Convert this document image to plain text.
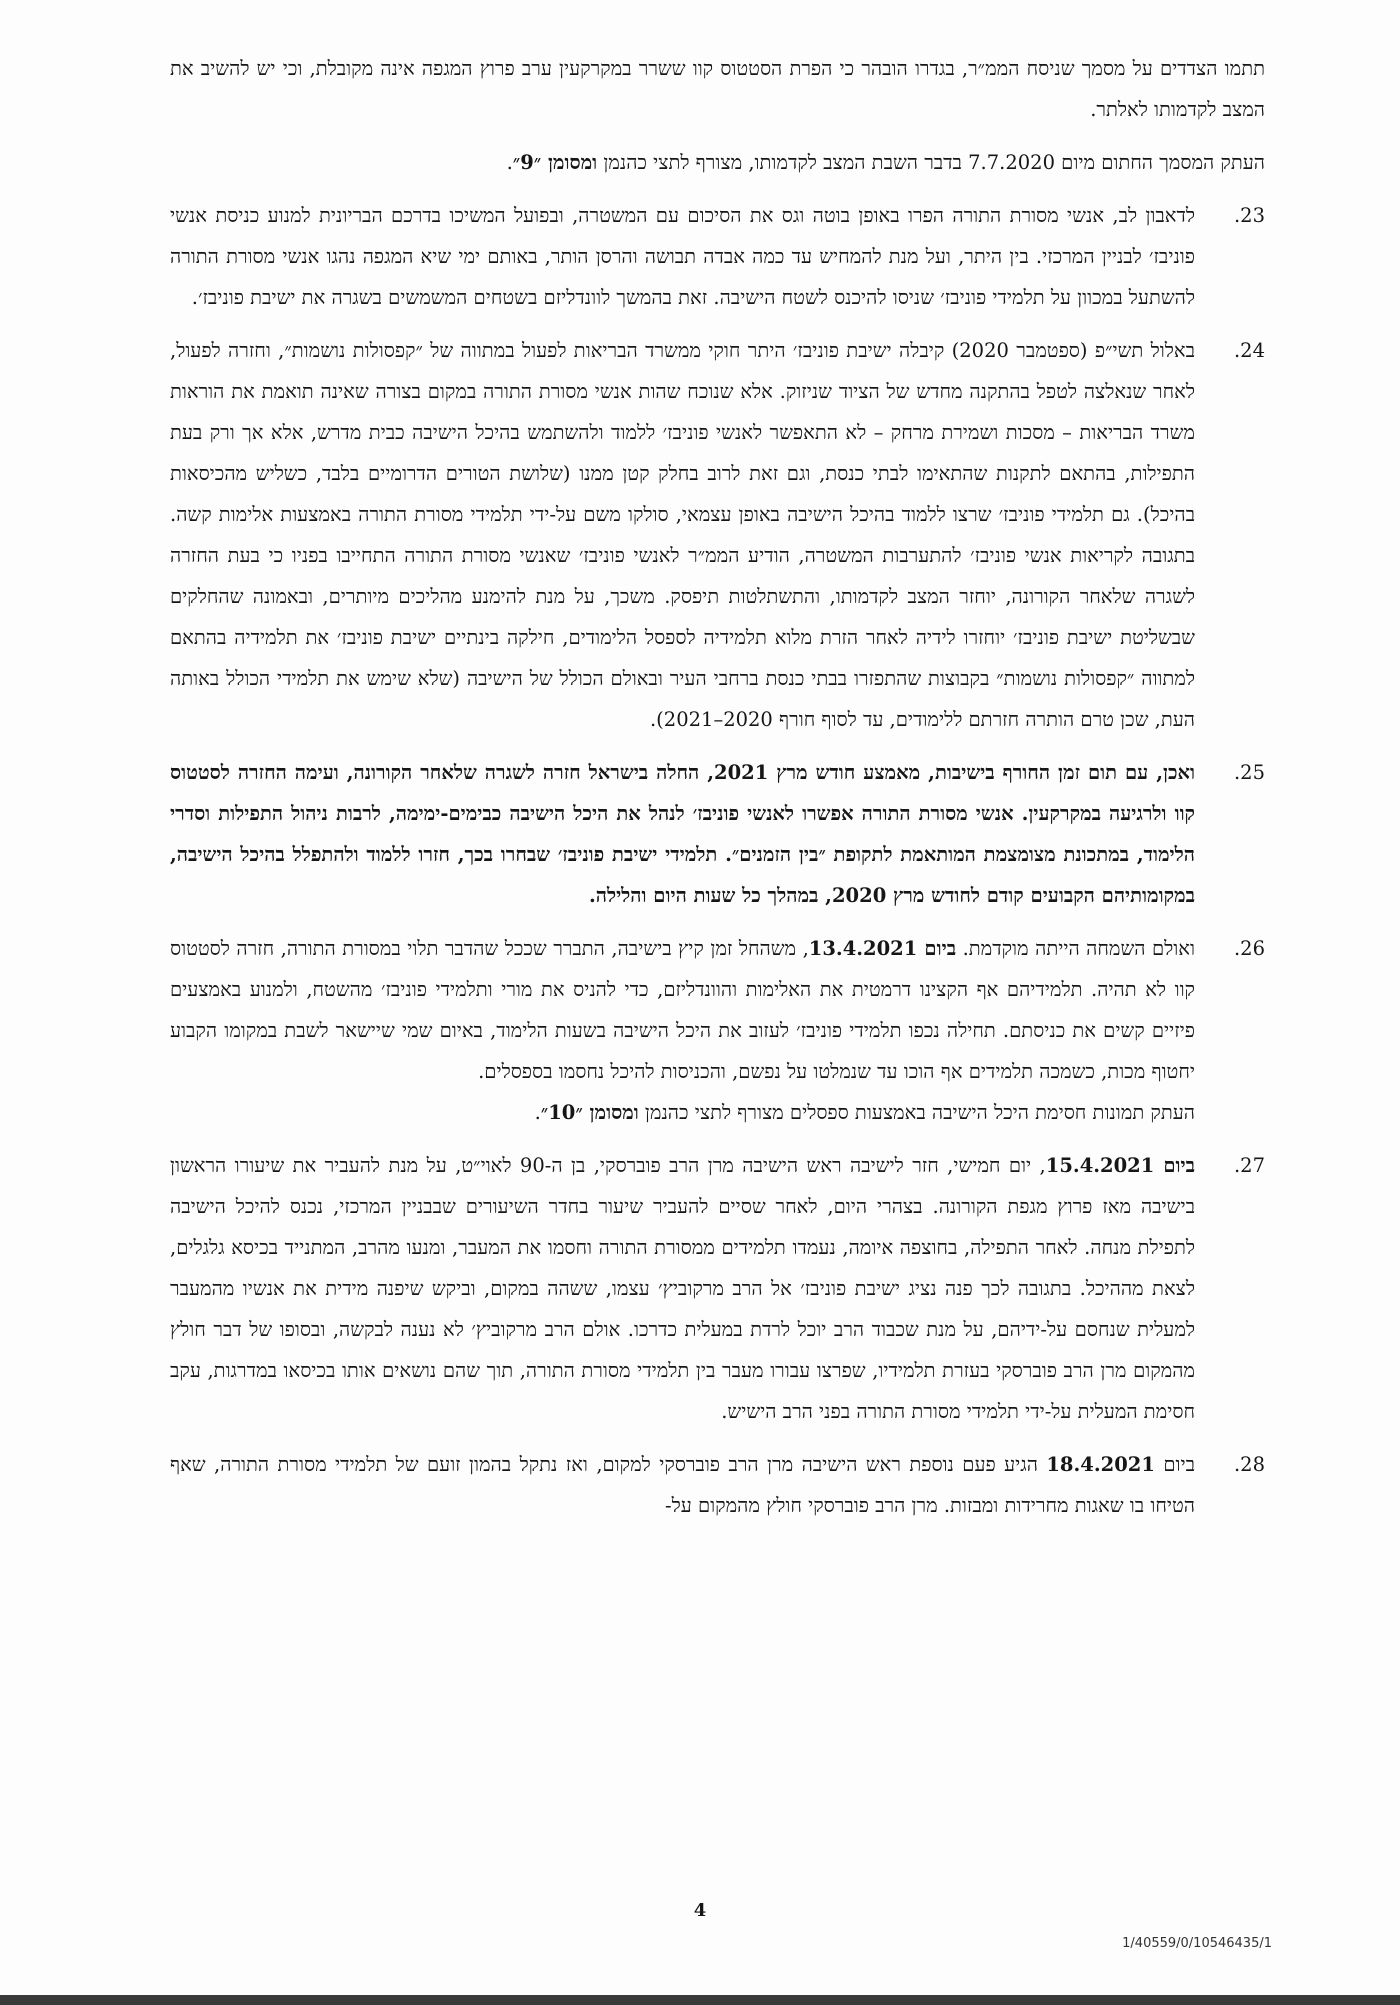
תתמו הצדדים על מסמך שניסח הממ״ר, בגדרו הובהר כי הפרת הסטטוס קוו ששרר במקרקעין ערב פרוץ המגפה אינה מקובלת, וכי יש להשיב את המצב לקדמותו לאלתר.

העתק המסמך החתום מיום 7.7.2020 בדבר השבת המצב לקדמותו, מצורף לתצי כהנמן ומסומן ״9״.

23.
לדאבון לב, אנשי מסורת התורה הפרו באופן בוטה וגס את הסיכום עם המשטרה, ובפועל המשיכו בדרכם הבריונית למנוע כניסת אנשי פוניבז׳ לבניין המרכזי. בין היתר, ועל מנת להמחיש עד כמה אבדה תבושה והרסן הותר, באותם ימי שיא המגפה נהגו אנשי מסורת התורה להשתעל במכוון על תלמידי פוניבז׳ שניסו להיכנס לשטח הישיבה. זאת בהמשך לוונדליזם בשטחים המשמשים בשגרה את ישיבת פוניבז׳.

24.
באלול תשי״פ (ספטמבר 2020) קיבלה ישיבת פוניבז׳ היתר חוקי ממשרד הבריאות לפעול במתווה של ״קפסולות נושמות״, וחזרה לפעול, לאחר שנאלצה לטפל בהתקנה מחדש של הציוד שניזוק. אלא שנוכח שהות אנשי מסורת התורה במקום בצורה שאינה תואמת את הוראות משרד הבריאות – מסכות ושמירת מרחק – לא התאפשר לאנשי פוניבז׳ ללמוד ולהשתמש בהיכל הישיבה כבית מדרש, אלא אך ורק בעת התפילות, בהתאם לתקנות שהתאימו לבתי כנסת, וגם זאת לרוב בחלק קטן ממנו (שלושת הטורים הדרומיים בלבד, כשליש מהכיסאות בהיכל). גם תלמידי פוניבז׳ שרצו ללמוד בהיכל הישיבה באופן עצמאי, סולקו משם על-ידי תלמידי מסורת התורה באמצעות אלימות קשה. בתגובה לקריאות אנשי פוניבז׳ להתערבות המשטרה, הודיע הממ״ר לאנשי פוניבז׳ שאנשי מסורת התורה התחייבו בפניו כי בעת החזרה לשגרה שלאחר הקורונה, יוחזר המצב לקדמותו, והתשתלטות תיפסק. משכך, על מנת להימנע מהליכים מיותרים, ובאמונה שהחלקים שבשליטת ישיבת פוניבז׳ יוחזרו לידיה לאחר הזרת מלוא תלמידיה לספסל הלימודים, חילקה בינתיים ישיבת פוניבז׳ את תלמידיה בהתאם למתווה ״קפסולות נושמות״ בקבוצות שהתפזרו בבתי כנסת ברחבי העיר ובאולם הכולל של הישיבה (שלא שימש את תלמידי הכולל באותה העת, שכן טרם הותרה חזרתם ללימודים, עד לסוף חורף 2020–2021).

25.
ואכן, עם תום זמן החורף בישיבות, מאמצע חודש מרץ 2021, החלה בישראל חזרה לשגרה שלאחר הקורונה, ועימה החזרה לסטטוס קוו ולרגיעה במקרקעין. אנשי מסורת התורה אפשרו לאנשי פוניבז׳ לנהל את היכל הישיבה כבימים-ימימה, לרבות ניהול התפילות וסדרי הלימוד, במתכונת מצומצמת המותאמת לתקופת ״בין הזמנים״. תלמידי ישיבת פוניבז׳ שבחרו בכך, חזרו ללמוד ולהתפלל בהיכל הישיבה, במקומותיהם הקבועים קודם לחודש מרץ 2020, במהלך כל שעות היום והלילה.

26.
ואולם השמחה הייתה מוקדמת. ביום 13.4.2021, משהחל זמן קיץ בישיבה, התברר שככל שהדבר תלוי במסורת התורה, חזרה לסטטוס קוו לא תהיה. תלמידיהם אף הקצינו דרמטית את האלימות והוונדליזם, כדי להניס את מורי ותלמידי פוניבז׳ מהשטח, ולמנוע באמצעים פיזיים קשים את כניסתם. תחילה נכפו תלמידי פוניבז׳ לעזוב את היכל הישיבה בשעות הלימוד, באיום שמי שיישאר לשבת במקומו הקבוע יחטוף מכות, כשמכה תלמידים אף הוכו עד שנמלטו על נפשם, והכניסות להיכל נחסמו בספסלים.
העתק תמונות חסימת היכל הישיבה באמצעות ספסלים מצורף לתצי כהנמן ומסומן ״10״.

27.
ביום 15.4.2021, יום חמישי, חזר לישיבה ראש הישיבה מרן הרב פוברסקי, בן ה-90 לאוי״ט, על מנת להעביר את שיעורו הראשון בישיבה מאז פרוץ מגפת הקורונה. בצהרי היום, לאחר שסיים להעביר שיעור בחדר השיעורים שבבניין המרכזי, נכנס להיכל הישיבה לתפילת מנחה. לאחר התפילה, בחוצפה איומה, נעמדו תלמידים ממסורת התורה וחסמו את המעבר, ומנעו מהרב, המתנייד בכיסא גלגלים, לצאת מההיכל. בתגובה לכך פנה נציג ישיבת פוניבז׳ אל הרב מרקוביץ׳ עצמו, ששהה במקום, וביקש שיפנה מידית את אנשיו מהמעבר למעלית שנחסם על-ידיהם, על מנת שכבוד הרב יוכל לרדת במעלית כדרכו. אולם הרב מרקוביץ׳ לא נענה לבקשה, ובסופו של דבר חולץ מהמקום מרן הרב פוברסקי בעזרת תלמידיו, שפרצו עבורו מעבר בין תלמידי מסורת התורה, תוך שהם נושאים אותו בכיסאו במדרגות, עקב חסימת המעלית על-ידי תלמידי מסורת התורה בפני הרב הישיש.

28.
ביום 18.4.2021 הגיע פעם נוספת ראש הישיבה מרן הרב פוברסקי למקום, ואז נתקל בהמון זועם של תלמידי מסורת התורה, שאף הטיחו בו שאגות מחרידות ומבזות. מרן הרב פוברסקי חולץ מהמקום על-

4
1/40559/0/10546435/1
